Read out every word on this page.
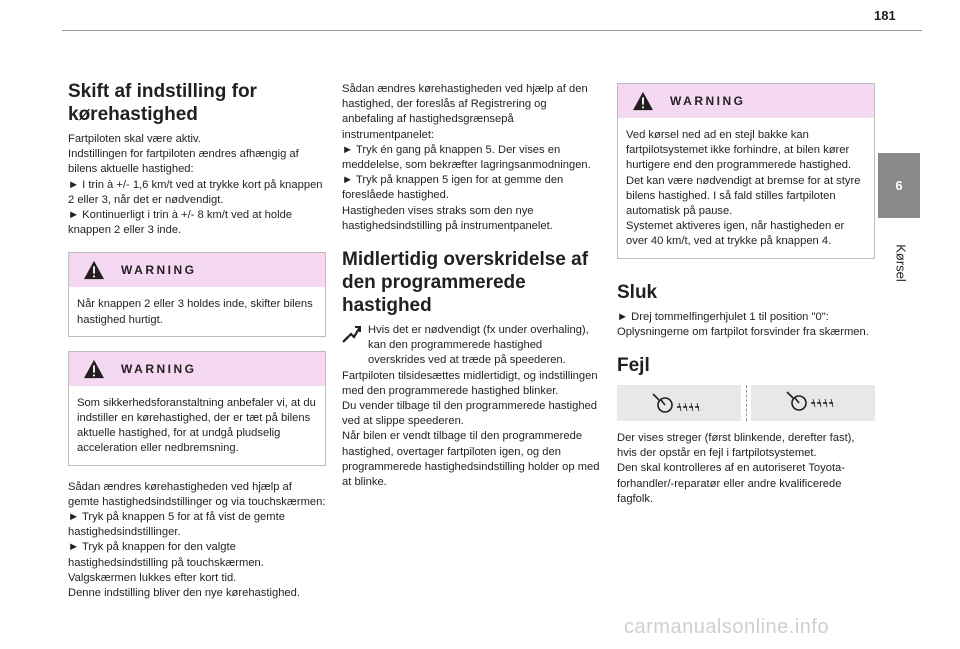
181
6
Kørsel
Skift af indstilling for kørehastighed

Fartpiloten skal være aktiv.
Indstillingen for fartpiloten ændres afhængig af bilens aktuelle hastighed:
► I trin à +/- 1,6 km/t ved at trykke kort på knappen 2 eller 3, når det er nødvendigt.
► Kontinuerligt i trin à +/- 8 km/t ved at holde knappen 2 eller 3 inde.

WARNING
Når knappen 2 eller 3 holdes inde, skifter bilens hastighed hurtigt.
WARNING
Som sikkerhedsforanstaltning anbefaler vi, at du indstiller en kørehastighed, der er tæt på bilens aktuelle hastighed, for at undgå pludselig acceleration eller nedbremsning.

Sådan ændres kørehastigheden ved hjælp af gemte hastighedsindstillinger og via touchskærmen:
► Tryk på knappen 5 for at få vist de gemte hastighedsindstillinger.
► Tryk på knappen for den valgte hastighedsindstilling på touchskærmen.
Valgskærmen lukkes efter kort tid.
Denne indstilling bliver den nye kørehastighed.

Sådan ændres kørehastigheden ved hjælp af den hastighed, der foreslås af Registrering og anbefaling af hastighedsgrænsepå instrumentpanelet:
► Tryk én gang på knappen 5. Der vises en meddelelse, som bekræfter lagringsanmodningen.
► Tryk på knappen 5 igen for at gemme den foreslåede hastighed.
Hastigheden vises straks som den nye hastighedsindstilling på instrumentpanelet.

Midlertidig overskridelse af den programmerede hastighed

Hvis det er nødvendigt (fx under overhaling), kan den programmerede hastighed overskrides ved at træde på speederen.

Fartpiloten tilsidesættes midlertidigt, og indstillingen med den programmerede hastighed blinker.
Du vender tilbage til den programmerede hastighed ved at slippe speederen.
Når bilen er vendt tilbage til den programmerede hastighed, overtager fartpiloten igen, og den programmerede hastighedsindstilling holder op med at blinke.

WARNING
Ved kørsel ned ad en stejl bakke kan fartpilotsystemet ikke forhindre, at bilen kører hurtigere end den programmerede hastighed. Det kan være nødvendigt at bremse for at styre bilens hastighed. I så fald stilles fartpiloten automatisk på pause.
Systemet aktiveres igen, når hastigheden er over 40 km/t, ved at trykke på knappen 4.
Sluk

► Drej tommelfingerhjulet 1 til position "0": Oplysningerne om fartpilot forsvinder fra skærmen.

Fejl

Der vises streger (først blinkende, derefter fast), hvis der opstår en fejl i fartpilotsystemet.
Den skal kontrolleres af en autoriseret Toyota-forhandler/-reparatør eller andre kvalificerede fagfolk.

carmanualsonline.info
